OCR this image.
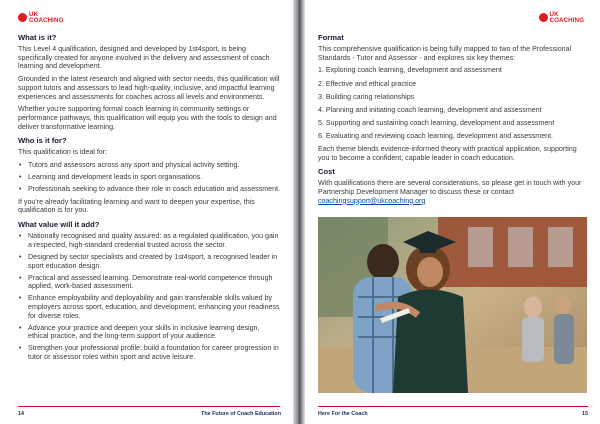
UK
COACHING
What is it?

This Level 4 qualification, designed and developed by 1st4sport, is being specifically created for anyone involved in the delivery and assessment of coach learning and development.

Grounded in the latest research and aligned with sector needs, this qualification will support tutors and assessors to lead high-quality, inclusive, and impactful learning experiences and assessments for coaches across all levels and environments.

Whether you're supporting formal coach learning in community settings or performance pathways, this qualification will equip you with the tools to design and deliver transformative learning.

Who is it for?

This qualification is ideal for:

• Tutors and assessors across any sport and physical activity setting.
• Learning and development leads in sport organisations.
• Professionals seeking to advance their role in coach education and assessment.

If you're already facilitating learning and want to deepen your expertise, this qualification is for you.

What value will it add?
• Nationally recognised and quality assured: as a regulated qualification, you gain a respected, high-standard credential trusted across the sector.
• Designed by sector specialists and created by 1st4sport, a recognised leader in sport education design.
• Practical and assessed learning. Demonstrate real-world competence through applied, work-based assessment.
• Enhance employability and deployability and gain transferable skills valued by employers across sport, education, and development, enhancing your readiness for diverse roles.
• Advance your practice and deepen your skills in inclusive learning design, ethical practice, and the long-term support of your audience.
• Strengthen your professional profile: build a foundation for career progression in tutor or assessor roles within sport and active leisure.
14	The Future of Coach Education
UK
COACHING
Format

This comprehensive qualification is being fully mapped to two of the Professional Standards - Tutor and Assessor - and explores six key themes:

1. Exploring coach learning, development and assessment
2. Effective and ethical practice
3. Building caring relationships
4. Planning and initiating coach learning, development and assessment
5. Supporting and sustaining coach learning, development and assessment
6. Evaluating and reviewing coach learning, development and assessment.

Each theme blends evidence-informed theory with practical application, supporting you to become a confident, capable leader in coach education.

Cost

With qualifications there are several considerations, so please get in touch with your Partnership Development Manager to discuss these or contact coachingsupport@ukcoaching.org

Here For the Coach	15
